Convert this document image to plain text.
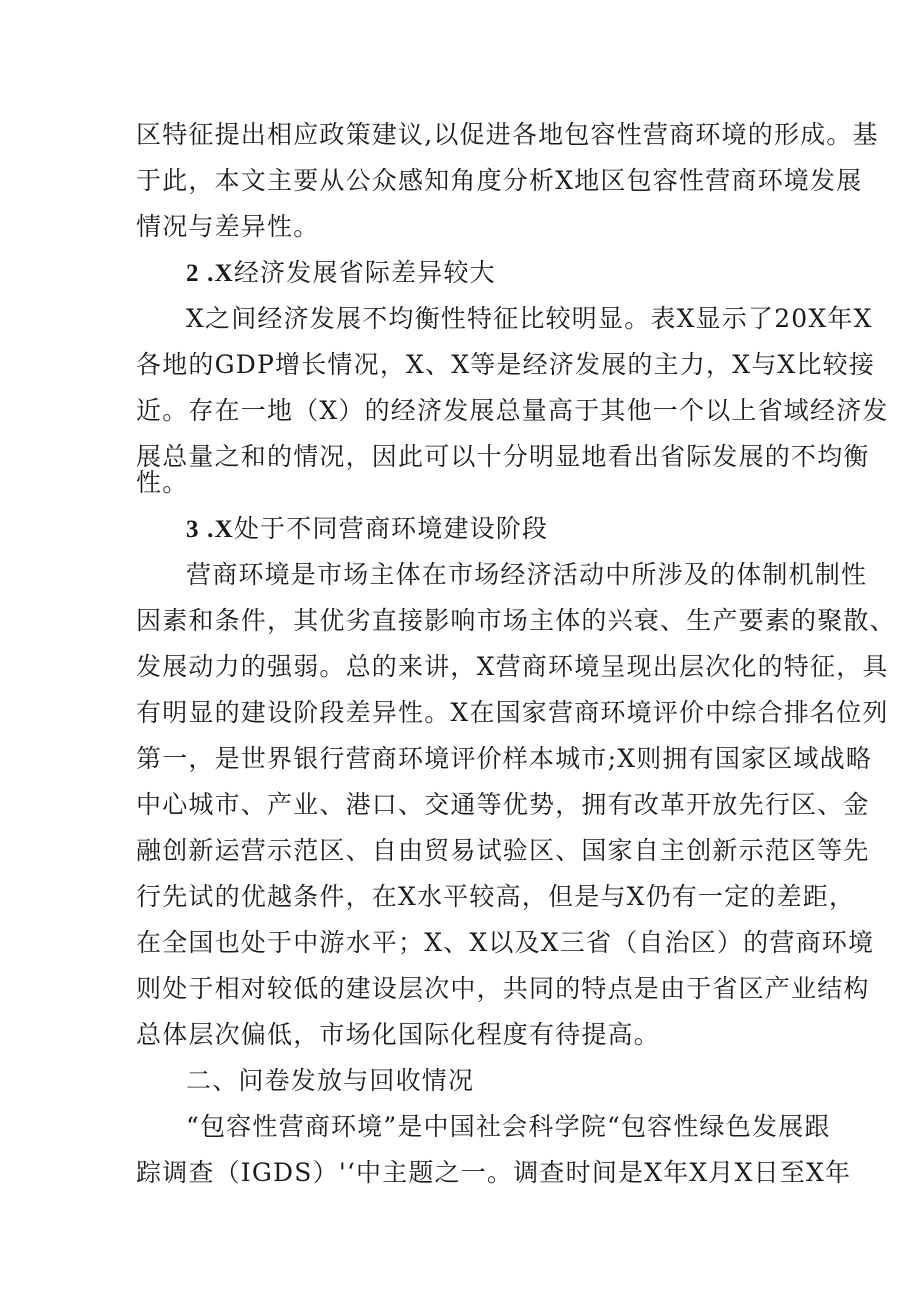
区特征提出相应政策建议,以促进各地包容性营商环境的形成。基
于此，本文主要从公众感知角度分析X地区包容性营商环境发展
情况与差异性。
2 .X经济发展省际差异较大
X之间经济发展不均衡性特征比较明显。表X显示了20X年X
各地的GDP增长情况，X、X等是经济发展的主力，X与X比较接
近。存在一地（X）的经济发展总量高于其他一个以上省域经济发
展总量之和的情况，因此可以十分明显地看出省际发展的不均衡
性。
3 .X处于不同营商环境建设阶段
营商环境是市场主体在市场经济活动中所涉及的体制机制性
因素和条件，其优劣直接影响市场主体的兴衰、生产要素的聚散、
发展动力的强弱。总的来讲，X营商环境呈现出层次化的特征，具
有明显的建设阶段差异性。X在国家营商环境评价中综合排名位列
第一，是世界银行营商环境评价样本城市;X则拥有国家区域战略
中心城市、产业、港口、交通等优势，拥有改革开放先行区、金
融创新运营示范区、自由贸易试验区、国家自主创新示范区等先
行先试的优越条件，在X水平较高，但是与X仍有一定的差距，
在全国也处于中游水平；X、X以及X三省（自治区）的营商环境
则处于相对较低的建设层次中，共同的特点是由于省区产业结构
总体层次偏低，市场化国际化程度有待提高。
二、问卷发放与回收情况
“包容性营商环境”是中国社会科学院“包容性绿色发展跟
踪调查（IGDS）'‘中主题之一。调查时间是X年X月X日至X年
